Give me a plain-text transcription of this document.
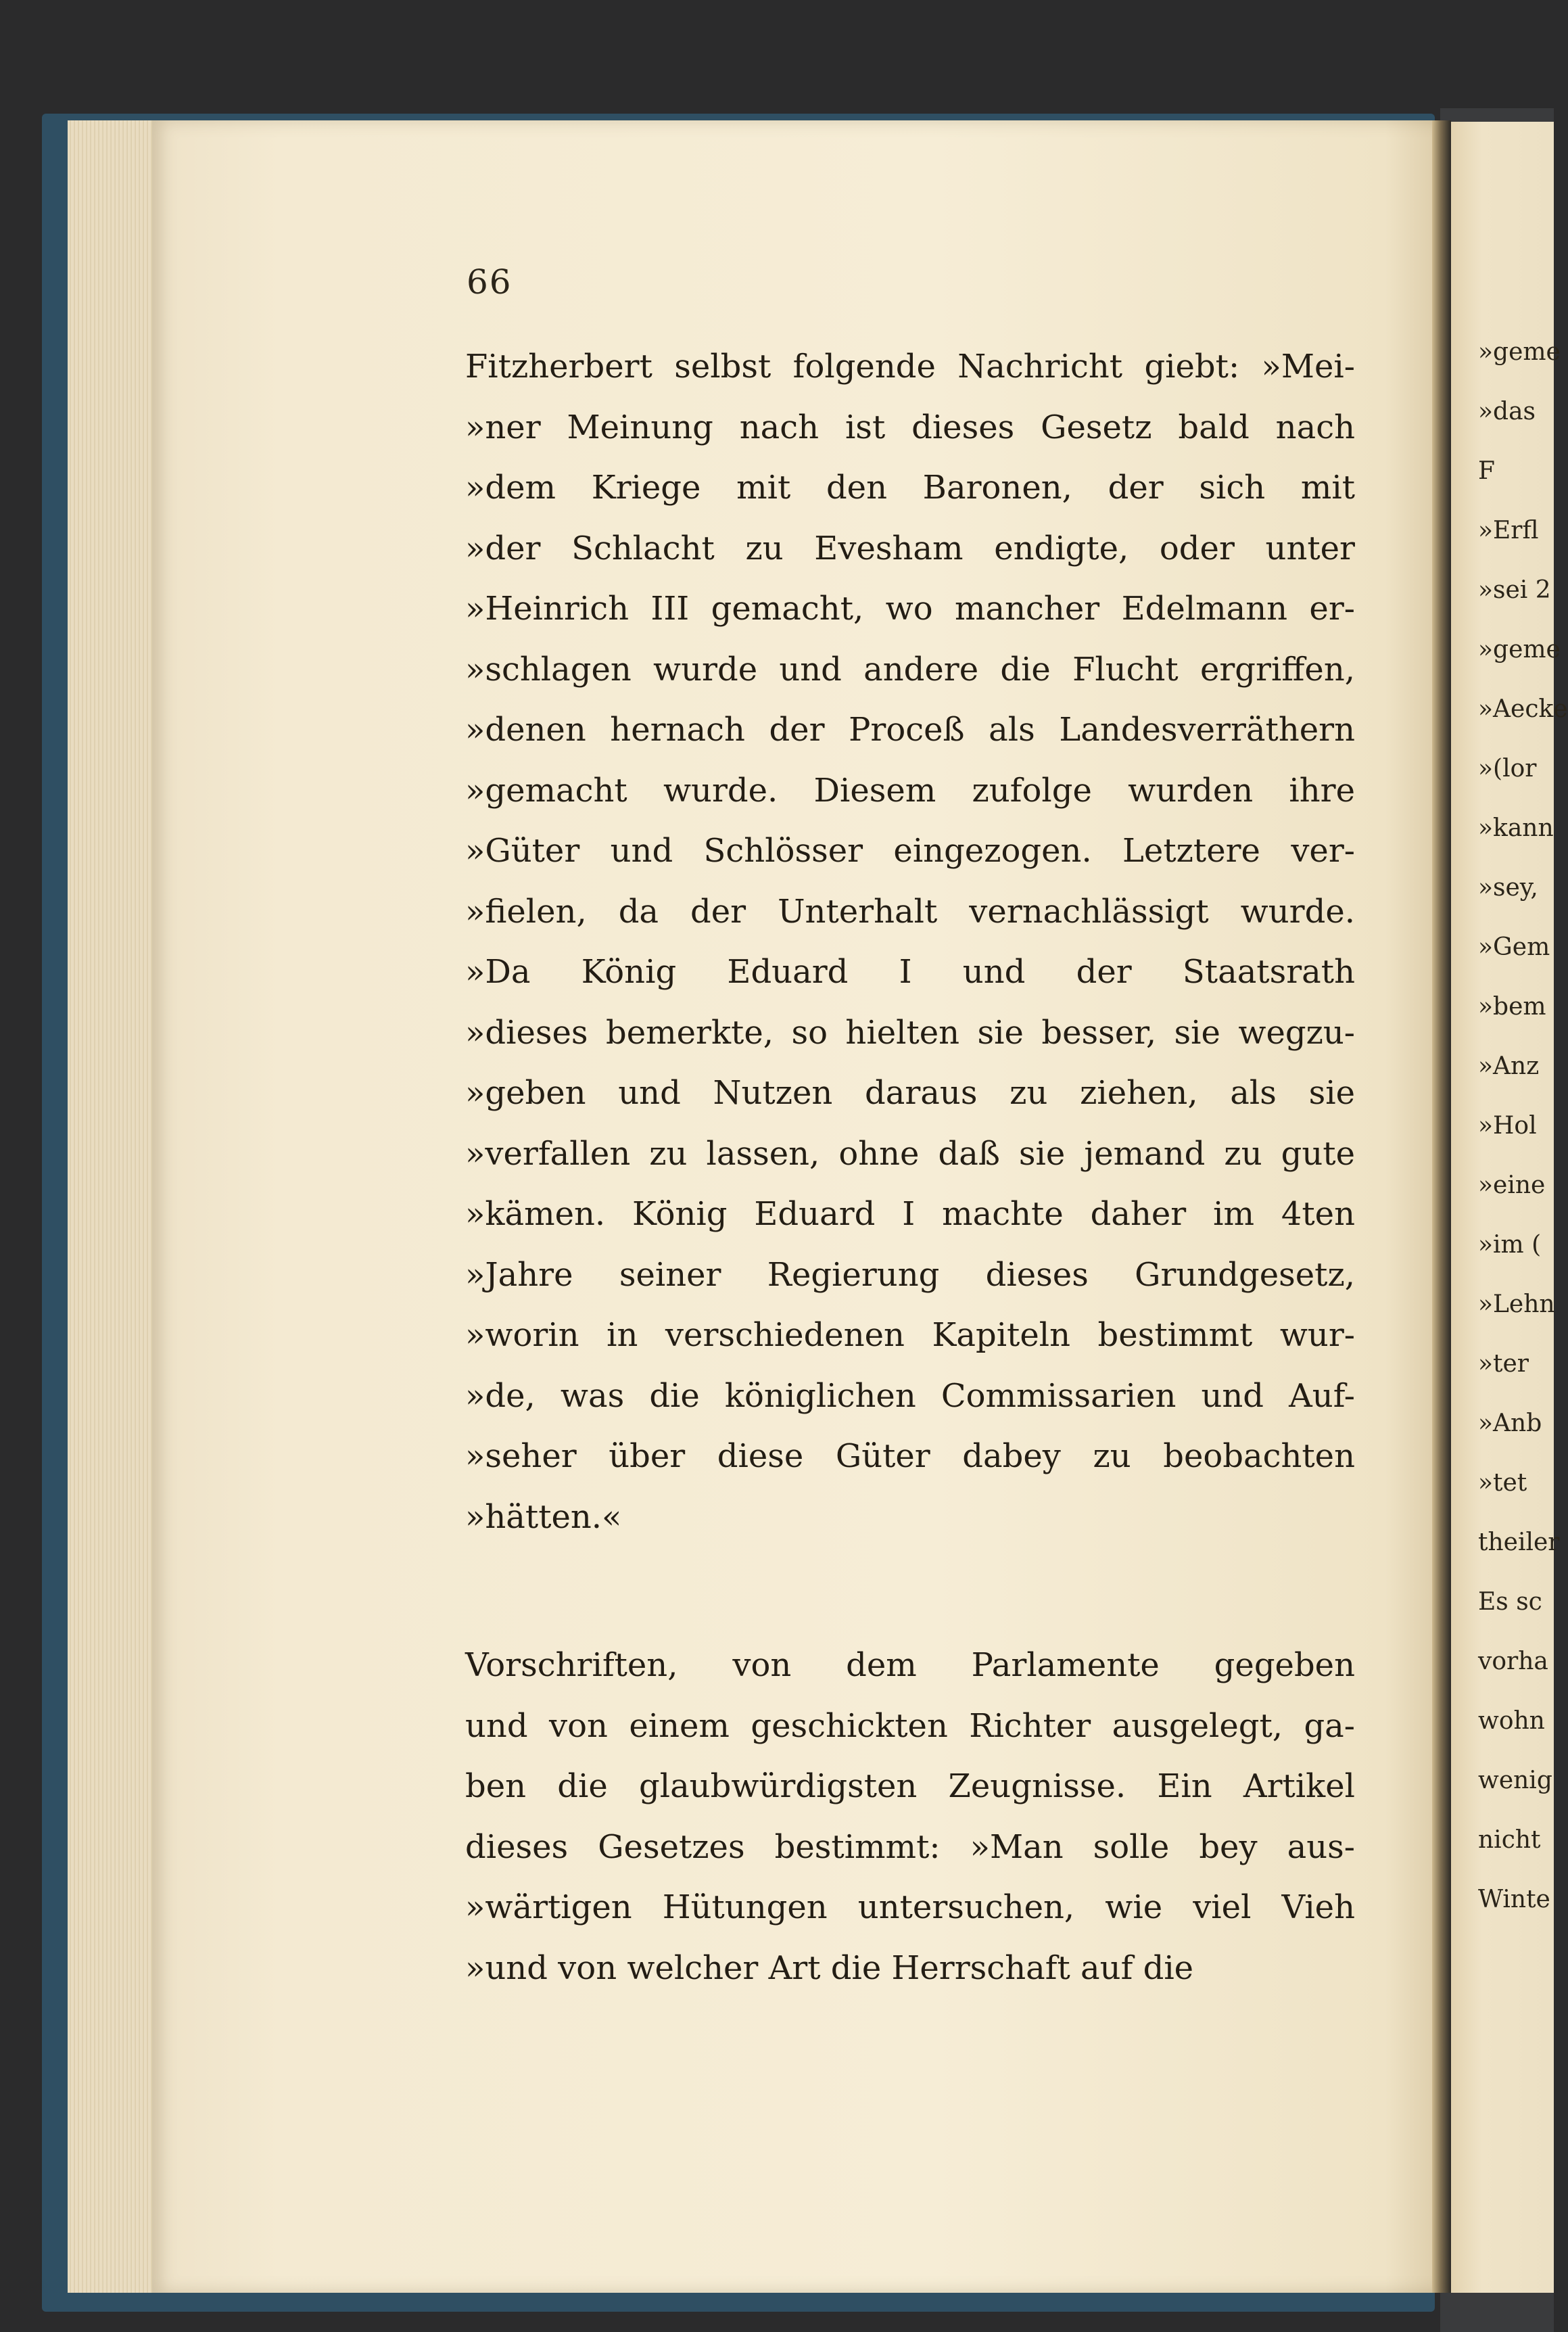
66
Fitzherbert selbst folgende Nachricht giebt: »Mei-
»ner Meinung nach ist dieses Gesetz bald nach
»dem Kriege mit den Baronen, der sich mit
»der Schlacht zu Evesham endigte, oder unter
»Heinrich III gemacht, wo mancher Edelmann er-
»schlagen wurde und andere die Flucht ergriffen,
»denen hernach der Proceß als Landesverräthern
»gemacht wurde. Diesem zufolge wurden ihre
»Güter und Schlösser eingezogen. Letztere ver-
»fielen, da der Unterhalt vernachlässigt wurde.
»Da König Eduard I und der Staatsrath
»dieses bemerkte, so hielten sie besser, sie wegzu-
»geben und Nutzen daraus zu ziehen, als sie
»verfallen zu lassen, ohne daß sie jemand zu gute
»kämen. König Eduard I machte daher im 4ten
»Jahre seiner Regierung dieses Grundgesetz,
»worin in verschiedenen Kapiteln bestimmt wur-
»de, was die königlichen Commissarien und Auf-
»seher über diese Güter dabey zu beobachten
»hätten.«
Vorschriften, von dem Parlamente gegeben
und von einem geschickten Richter ausgelegt, ga-
ben die glaubwürdigsten Zeugnisse. Ein Artikel
dieses Gesetzes bestimmt: »Man solle bey aus-
»wärtigen Hütungen untersuchen, wie viel Vieh
»und von welcher Art die Herrschaft auf die
»geme
»das
F
»Erfl
»sei 2
»geme
»Aecke
»(lor
»kann
»sey,
»Gem
»bem
»Anz
»Hol
»eine
»im (
»Lehn
»ter
»Anb
»tet
theiler
Es sc
vorha
wohn
wenig
nicht
Winte
